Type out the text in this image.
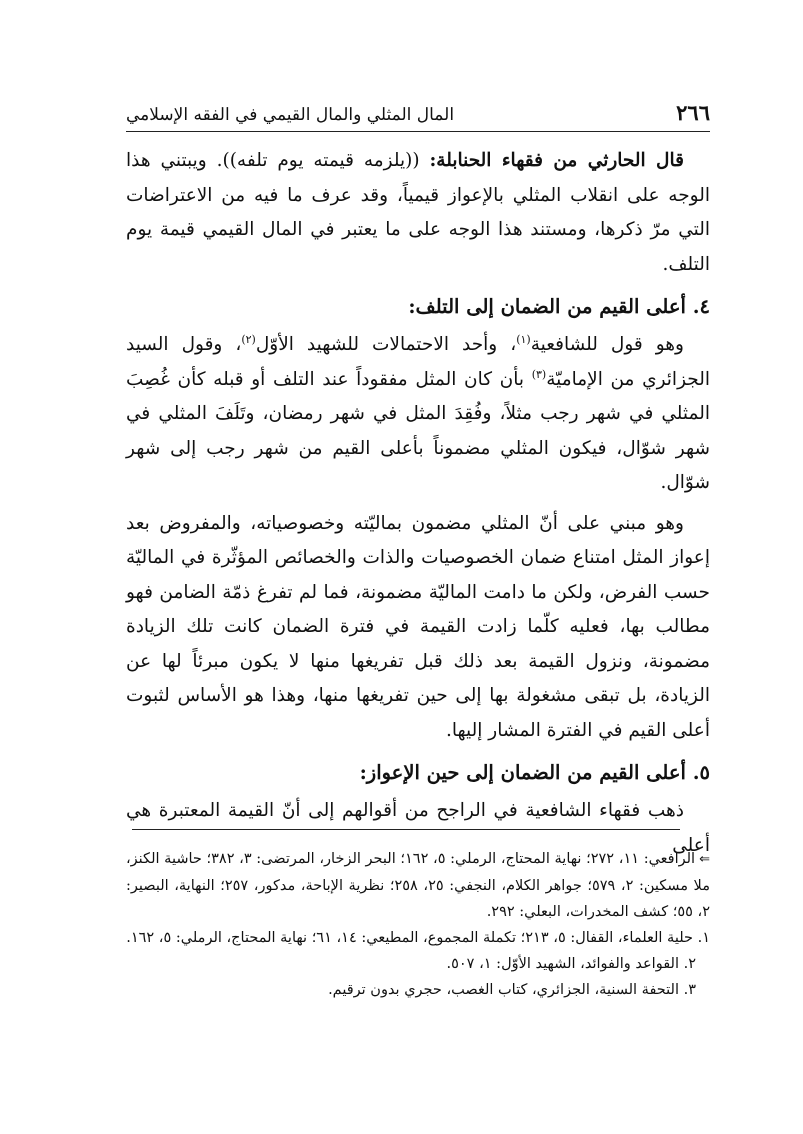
٢٦٦
المال المثلي والمال القيمي في الفقه الإسلامي

قال الحارثي من فقهاء الحنابلة: ((يلزمه قيمته يوم تلفه)). ويبتني هذا الوجه على انقلاب المثلي بالإعواز قيمياً، وقد عرف ما فيه من الاعتراضات التي مرّ ذكرها، ومستند هذا الوجه على ما يعتبر في المال القيمي قيمة يوم التلف.

٤. أعلى القيم من الضمان إلى التلف:

وهو قول للشافعية$^{(١)}$، وأحد الاحتمالات للشهيد الأوّل$^{(٢)}$، وقول السيد الجزائري من الإماميّة$^{(٣)}$ بأن كان المثل مفقوداً عند التلف أو قبله كأن غُصِبَ المثلي في شهر رجب مثلاً، وفُقِدَ المثل في شهر رمضان، وتَلَفَ المثلي في شهر شوّال، فيكون المثلي مضموناً بأعلى القيم من شهر رجب إلى شهر شوّال.

وهو مبني على أنّ المثلي مضمون بماليّته وخصوصياته، والمفروض بعد إعواز المثل امتناع ضمان الخصوصيات والذات والخصائص المؤثّرة في الماليّة حسب الفرض، ولكن ما دامت الماليّة مضمونة، فما لم تفرغ ذمّة الضامن فهو مطالب بها، فعليه كلّما زادت القيمة في فترة الضمان كانت تلك الزيادة مضمونة، ونزول القيمة بعد ذلك قبل تفريغها منها لا يكون مبرئاً لها عن الزيادة، بل تبقى مشغولة بها إلى حين تفريغها منها، وهذا هو الأساس لثبوت أعلى القيم في الفترة المشار إليها.

٥. أعلى القيم من الضمان إلى حين الإعواز:

ذهب فقهاء الشافعية في الراجح من أقوالهم إلى أنّ القيمة المعتبرة هي أعلى

⇐الرافعي: ١١، ٢٧٢؛ نهاية المحتاج، الرملي: ٥، ١٦٢؛ البحر الزخار، المرتضى: ٣، ٣٨٢؛ حاشية الكنز، ملا مسكين: ٢، ٥٧٩؛ جواهر الكلام، النجفي: ٢٥، ٢٥٨؛ نظرية الإباحة، مدكور، ٢٥٧؛ النهاية، البصير: ٢، ٥٥؛ كشف المخدرات، البعلي: ٢٩٢.

١. حلية العلماء، القفال: ٥، ٢١٣؛ تكملة المجموع، المطيعي: ١٤، ٦١؛ نهاية المحتاج، الرملي: ٥، ١٦٢.

٢. القواعد والفوائد، الشهيد الأوّل: ١، ٥٠٧.

٣. التحفة السنية، الجزائري، كتاب الغصب، حجري بدون ترقيم.
